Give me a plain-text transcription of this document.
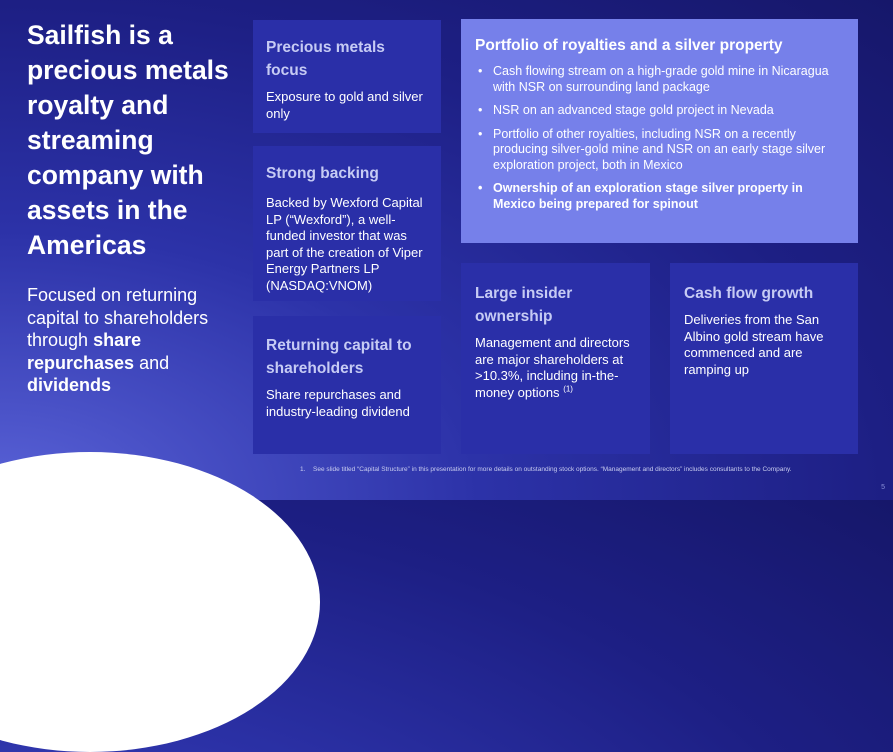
Sailfish is a precious metals royalty and streaming company with assets in the Americas

Focused on returning capital to shareholders through share repurchases and dividends

Precious metals focus

Exposure to gold and silver only

Strong backing

Backed by Wexford Capital LP (“Wexford”), a well-funded investor that was part of the creation of Viper Energy Partners LP (NASDAQ:VNOM)

Returning capital to shareholders

Share repurchases and industry-leading dividend

Portfolio of royalties and a silver property
• Cash flowing stream on a high-grade gold mine in Nicaragua with NSR on surrounding land package
• NSR on an advanced stage gold project in Nevada
• Portfolio of other royalties, including NSR on a recently producing silver-gold mine and NSR on an early stage silver exploration project, both in Mexico
• Ownership of an exploration stage silver property in Mexico being prepared for spinout
Large insider ownership

Management and directors are major shareholders at >10.3%, including in-the-money options $^{(1)}$

Cash flow growth

Deliveries from the San Albino gold stream have commenced and are ramping up

1. See slide titled “Capital Structure” in this presentation for more details on outstanding stock options. “Management and directors” includes consultants to the Company.
5
